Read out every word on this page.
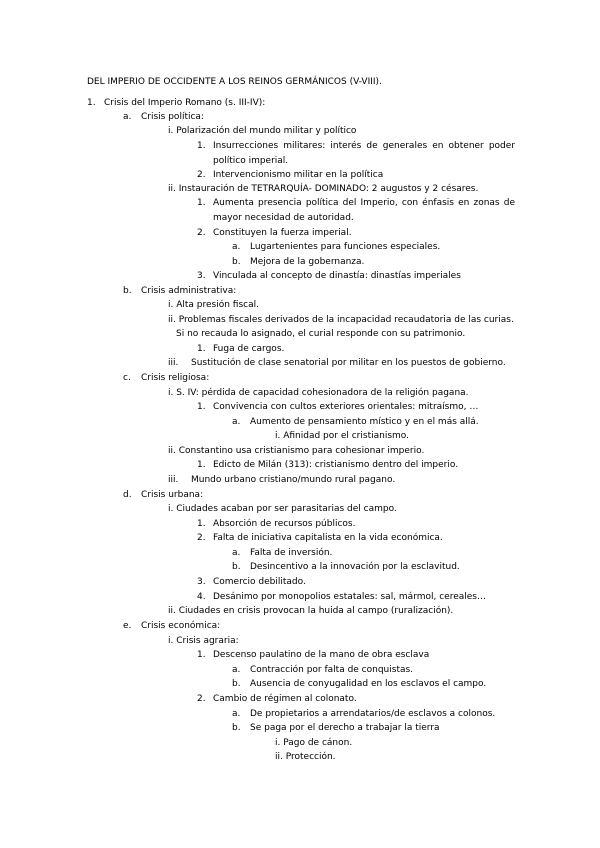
DEL IMPERIO DE OCCIDENTE A LOS REINOS GERMÁNICOS (V-VIII).
1. Crisis del Imperio Romano (s. III-IV):
a. Crisis política:
i. Polarización del mundo militar y político
1. Insurrecciones militares: interés de generales en obtener poder político imperial.
2. Intervencionismo militar en la política
ii. Instauración de TETRARQUÍA- DOMINADO: 2 augustos y 2 césares.
1. Aumenta presencia política del Imperio, con énfasis en zonas de mayor necesidad de autoridad.
2. Constituyen la fuerza imperial.
a. Lugartenientes para funciones especiales.
b. Mejora de la gobernanza.
3. Vinculada al concepto de dinastía: dinastías imperiales
b. Crisis administrativa:
i. Alta presión fiscal.
ii. Problemas fiscales derivados de la incapacidad recaudatoria de las curias.
Si no recauda lo asignado, el curial responde con su patrimonio.
1. Fuga de cargos.
iii. Sustitución de clase senatorial por militar en los puestos de gobierno.
c. Crisis religiosa:
i. S. IV: pérdida de capacidad cohesionadora de la religión pagana.
1. Convivencia con cultos exteriores orientales: mitraísmo, …
a. Aumento de pensamiento místico y en el más allá.
i. Afinidad por el cristianismo.
ii. Constantino usa cristianismo para cohesionar imperio.
1. Edicto de Milán (313): cristianismo dentro del imperio.
iii. Mundo urbano cristiano/mundo rural pagano.
d. Crisis urbana:
i. Ciudades acaban por ser parasitarias del campo.
1. Absorción de recursos públicos.
2. Falta de iniciativa capitalista en la vida económica.
a. Falta de inversión.
b. Desincentivo a la innovación por la esclavitud.
3. Comercio debilitado.
4. Desánimo por monopolios estatales: sal, mármol, cereales…
ii. Ciudades en crisis provocan la huida al campo (ruralización).
e. Crisis económica:
i. Crisis agraria:
1. Descenso paulatino de la mano de obra esclava
a. Contracción por falta de conquistas.
b. Ausencia de conyugalidad en los esclavos el campo.
2. Cambio de régimen al colonato.
a. De propietarios a arrendatarios/de esclavos a colonos.
b. Se paga por el derecho a trabajar la tierra
i. Pago de cánon.
ii. Protección.
